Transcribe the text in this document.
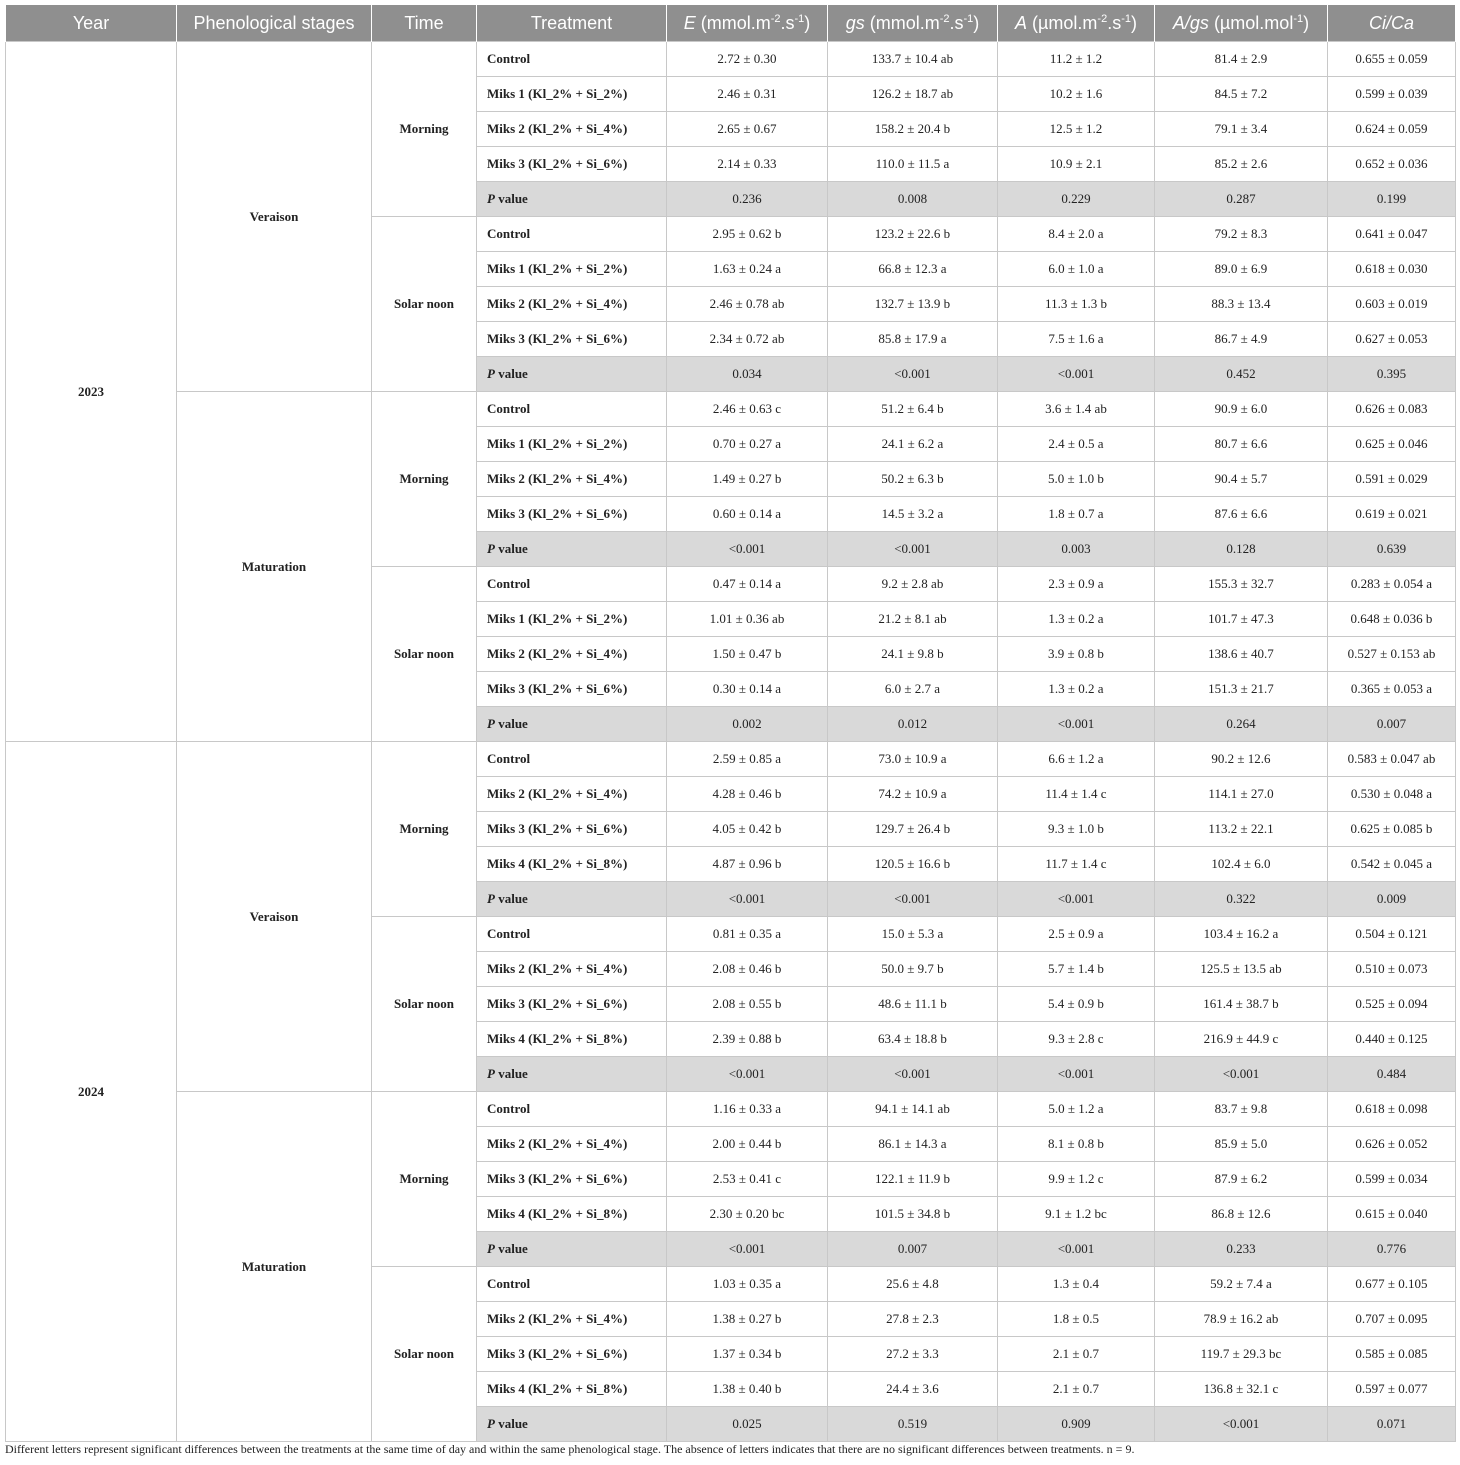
Year	Phenological stages	Time	Treatment	E $(mmol.m^{-2}.s^{-1})$	gs $(mmol.m^{-2}.s^{-1})$	A $(\mu mol.m^{-2}.s^{-1})$	A/gs (µmol.mol$^{-1}$)	Ci/Ca
2023	Veraison	Morning	Control	2.72 ± 0.30	133.7 ± 10.4 ab	11.2 ± 1.2	81.4 ± 2.9	0.655 ± 0.059
			Miks 1 (Kl_2% + Si_2%)	2.46 ± 0.31	126.2 ± 18.7 ab	10.2 ± 1.6	84.5 ± 7.2	0.599 ± 0.039
			Miks 2 (Kl_2% + Si_4%)	2.65 ± 0.67	158.2 ± 20.4 b	12.5 ± 1.2	79.1 ± 3.4	0.624 ± 0.059
			Miks 3 (Kl_2% + Si_6%)	2.14 ± 0.33	110.0 ± 11.5 a	10.9 ± 2.1	85.2 ± 2.6	0.652 ± 0.036
			P value	0.236	0.008	0.229	0.287	0.199
		Solar noon	Control	2.95 ± 0.62 b	123.2 ± 22.6 b	8.4 ± 2.0 a	79.2 ± 8.3	0.641 ± 0.047
			Miks 1 (Kl_2% + Si_2%)	1.63 ± 0.24 a	66.8 ± 12.3 a	6.0 ± 1.0 a	89.0 ± 6.9	0.618 ± 0.030
			Miks 2 (Kl_2% + Si_4%)	2.46 ± 0.78 ab	132.7 ± 13.9 b	11.3 ± 1.3 b	88.3 ± 13.4	0.603 ± 0.019
			Miks 3 (Kl_2% + Si_6%)	2.34 ± 0.72 ab	85.8 ± 17.9 a	7.5 ± 1.6 a	86.7 ± 4.9	0.627 ± 0.053
			P value	0.034	<0.001	<0.001	0.452	0.395
	Maturation	Morning	Control	2.46 ± 0.63 c	51.2 ± 6.4 b	3.6 ± 1.4 ab	90.9 ± 6.0	0.626 ± 0.083
			Miks 1 (Kl_2% + Si_2%)	0.70 ± 0.27 a	24.1 ± 6.2 a	2.4 ± 0.5 a	80.7 ± 6.6	0.625 ± 0.046
			Miks 2 (Kl_2% + Si_4%)	1.49 ± 0.27 b	50.2 ± 6.3 b	5.0 ± 1.0 b	90.4 ± 5.7	0.591 ± 0.029
			Miks 3 (Kl_2% + Si_6%)	0.60 ± 0.14 a	14.5 ± 3.2 a	1.8 ± 0.7 a	87.6 ± 6.6	0.619 ± 0.021
			P value	<0.001	<0.001	0.003	0.128	0.639
		Solar noon	Control	0.47 ± 0.14 a	9.2 ± 2.8 ab	2.3 ± 0.9 a	155.3 ± 32.7	0.283 ± 0.054 a
			Miks 1 (Kl_2% + Si_2%)	1.01 ± 0.36 ab	21.2 ± 8.1 ab	1.3 ± 0.2 a	101.7 ± 47.3	0.648 ± 0.036 b
			Miks 2 (Kl_2% + Si_4%)	1.50 ± 0.47 b	24.1 ± 9.8 b	3.9 ± 0.8 b	138.6 ± 40.7	0.527 ± 0.153 ab
			Miks 3 (Kl_2% + Si_6%)	0.30 ± 0.14 a	6.0 ± 2.7 a	1.3 ± 0.2 a	151.3 ± 21.7	0.365 ± 0.053 a
			P value	0.002	0.012	<0.001	0.264	0.007
2024	Veraison	Morning	Control	2.59 ± 0.85 a	73.0 ± 10.9 a	6.6 ± 1.2 a	90.2 ± 12.6	0.583 ± 0.047 ab
			Miks 2 (Kl_2% + Si_4%)	4.28 ± 0.46 b	74.2 ± 10.9 a	11.4 ± 1.4 c	114.1 ± 27.0	0.530 ± 0.048 a
			Miks 3 (Kl_2% + Si_6%)	4.05 ± 0.42 b	129.7 ± 26.4 b	9.3 ± 1.0 b	113.2 ± 22.1	0.625 ± 0.085 b
			Miks 4 (Kl_2% + Si_8%)	4.87 ± 0.96 b	120.5 ± 16.6 b	11.7 ± 1.4 c	102.4 ± 6.0	0.542 ± 0.045 a
			P value	<0.001	<0.001	<0.001	0.322	0.009
		Solar noon	Control	0.81 ± 0.35 a	15.0 ± 5.3 a	2.5 ± 0.9 a	103.4 ± 16.2 a	0.504 ± 0.121
			Miks 2 (Kl_2% + Si_4%)	2.08 ± 0.46 b	50.0 ± 9.7 b	5.7 ± 1.4 b	125.5 ± 13.5 ab	0.510 ± 0.073
			Miks 3 (Kl_2% + Si_6%)	2.08 ± 0.55 b	48.6 ± 11.1 b	5.4 ± 0.9 b	161.4 ± 38.7 b	0.525 ± 0.094
			Miks 4 (Kl_2% + Si_8%)	2.39 ± 0.88 b	63.4 ± 18.8 b	9.3 ± 2.8 c	216.9 ± 44.9 c	0.440 ± 0.125
			P value	<0.001	<0.001	<0.001	<0.001	0.484
	Maturation	Morning	Control	1.16 ± 0.33 a	94.1 ± 14.1 ab	5.0 ± 1.2 a	83.7 ± 9.8	0.618 ± 0.098
			Miks 2 (Kl_2% + Si_4%)	2.00 ± 0.44 b	86.1 ± 14.3 a	8.1 ± 0.8 b	85.9 ± 5.0	0.626 ± 0.052
			Miks 3 (Kl_2% + Si_6%)	2.53 ± 0.41 c	122.1 ± 11.9 b	9.9 ± 1.2 c	87.9 ± 6.2	0.599 ± 0.034
			Miks 4 (Kl_2% + Si_8%)	2.30 ± 0.20 bc	101.5 ± 34.8 b	9.1 ± 1.2 bc	86.8 ± 12.6	0.615 ± 0.040
			P value	<0.001	0.007	<0.001	0.233	0.776
		Solar noon	Control	1.03 ± 0.35 a	25.6 ± 4.8	1.3 ± 0.4	59.2 ± 7.4 a	0.677 ± 0.105
			Miks 2 (Kl_2% + Si_4%)	1.38 ± 0.27 b	27.8 ± 2.3	1.8 ± 0.5	78.9 ± 16.2 ab	0.707 ± 0.095
			Miks 3 (Kl_2% + Si_6%)	1.37 ± 0.34 b	27.2 ± 3.3	2.1 ± 0.7	119.7 ± 29.3 bc	0.585 ± 0.085
			Miks 4 (Kl_2% + Si_8%)	1.38 ± 0.40 b	24.4 ± 3.6	2.1 ± 0.7	136.8 ± 32.1 c	0.597 ± 0.077
			P value	0.025	0.519	0.909	<0.001	0.071
Different letters represent significant differences between the treatments at the same time of day and within the same phenological stage. The absence of letters indicates that there are no significant differences between treatments. n = 9.
